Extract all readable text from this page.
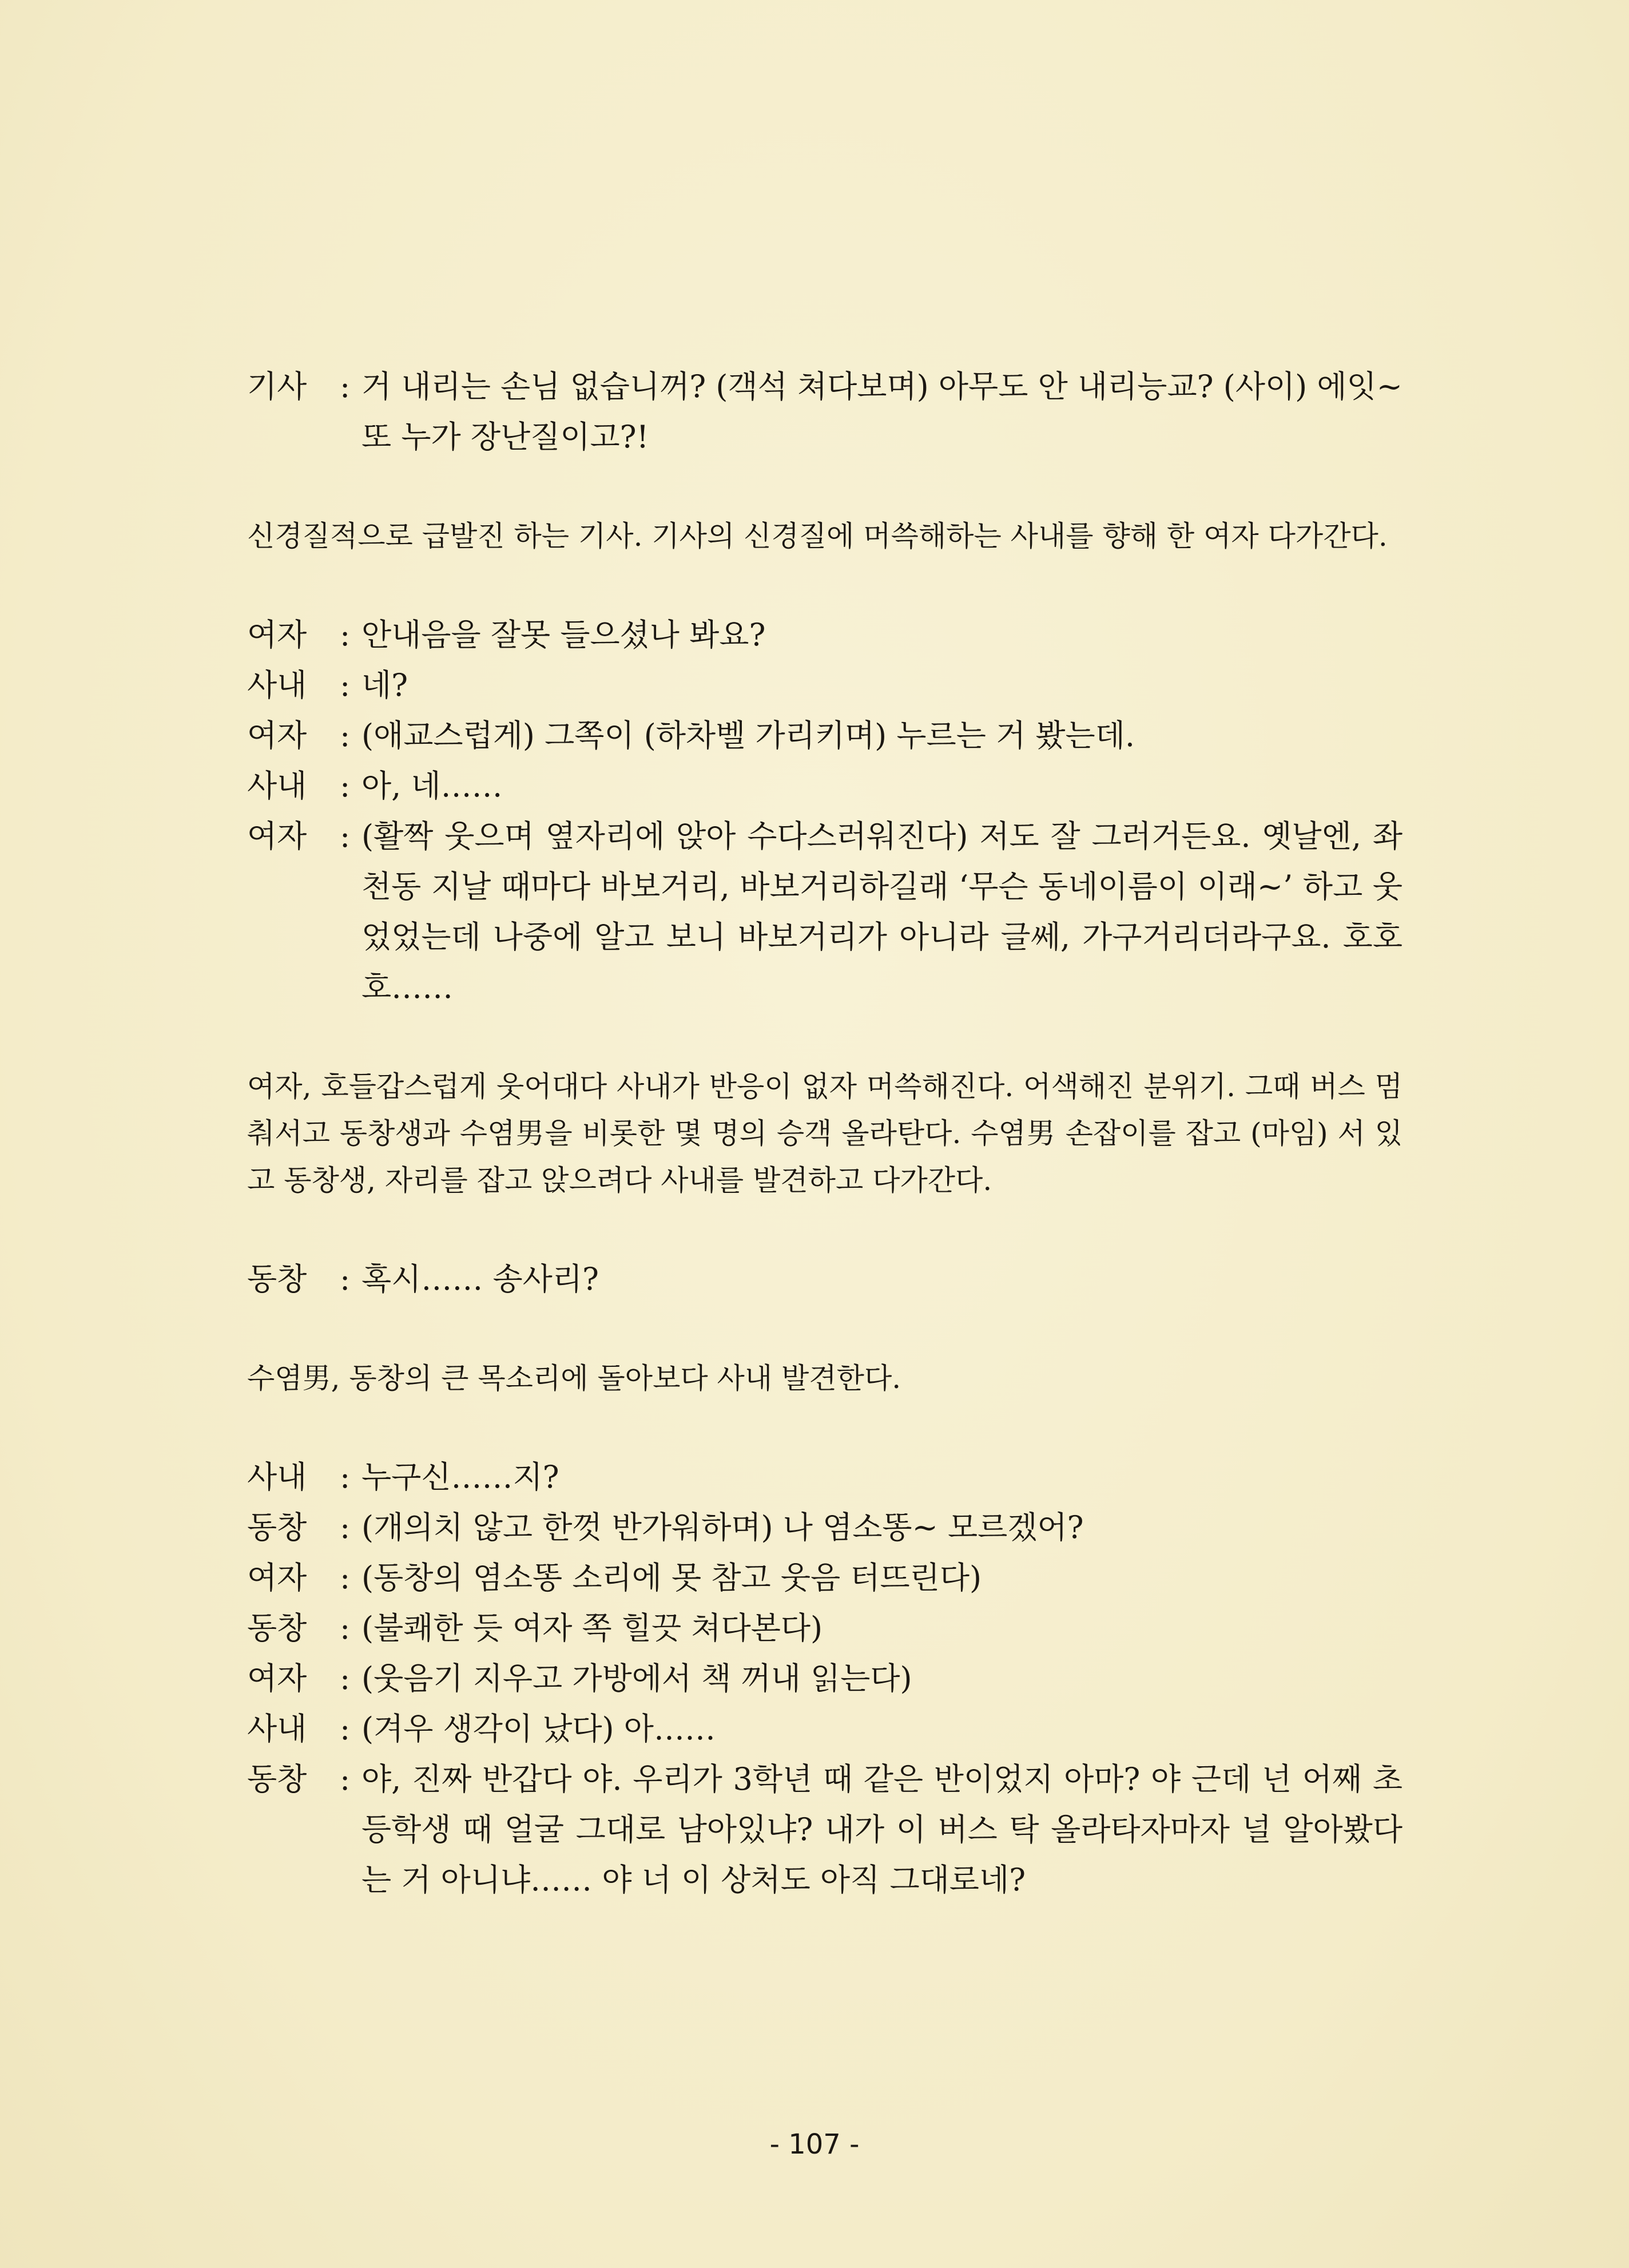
기사	: 거 내리는 손님 없습니꺼? (객석 쳐다보며) 아무도 안 내리능교? (사이) 에잇~ 또 누가 장난질이고?!
신경질적으로 급발진 하는 기사. 기사의 신경질에 머쓱해하는 사내를 향해 한 여자 다가간다.
여자	: 안내음을 잘못 들으셨나 봐요?
사내	: 네?
여자	: (애교스럽게) 그쪽이 (하차벨 가리키며) 누르는 거 봤는데.
사내	: 아, 네……
여자	: (활짝 웃으며 옆자리에 앉아 수다스러워진다) 저도 잘 그러거든요. 옛날엔, 좌천동 지날 때마다 바보거리, 바보거리하길래 ‘무슨 동네이름이 이래~’ 하고 웃었었는데 나중에 알고 보니 바보거리가 아니라 글쎄, 가구거리더라구요. 호호호……
여자, 호들갑스럽게 웃어대다 사내가 반응이 없자 머쓱해진다. 어색해진 분위기. 그때 버스 멈춰서고 동창생과 수염男을 비롯한 몇 명의 승객 올라탄다. 수염男 손잡이를 잡고 (마임) 서 있고 동창생, 자리를 잡고 앉으려다 사내를 발견하고 다가간다.
동창	: 혹시…… 송사리?
수염男, 동창의 큰 목소리에 돌아보다 사내 발견한다.
사내	: 누구신……지?
동창	: (개의치 않고 한껏 반가워하며) 나 염소똥~ 모르겠어?
여자	: (동창의 염소똥 소리에 못 참고 웃음 터뜨린다)
동창	: (불쾌한 듯 여자 쪽 힐끗 쳐다본다)
여자	: (웃음기 지우고 가방에서 책 꺼내 읽는다)
사내	: (겨우 생각이 났다) 아……
동창	: 야, 진짜 반갑다 야. 우리가 3학년 때 같은 반이었지 아마? 야 근데 넌 어째 초등학생 때 얼굴 그대로 남아있냐? 내가 이 버스 탁 올라타자마자 널 알아봤다는 거 아니냐…… 야 너 이 상처도 아직 그대로네?
- 107 -
